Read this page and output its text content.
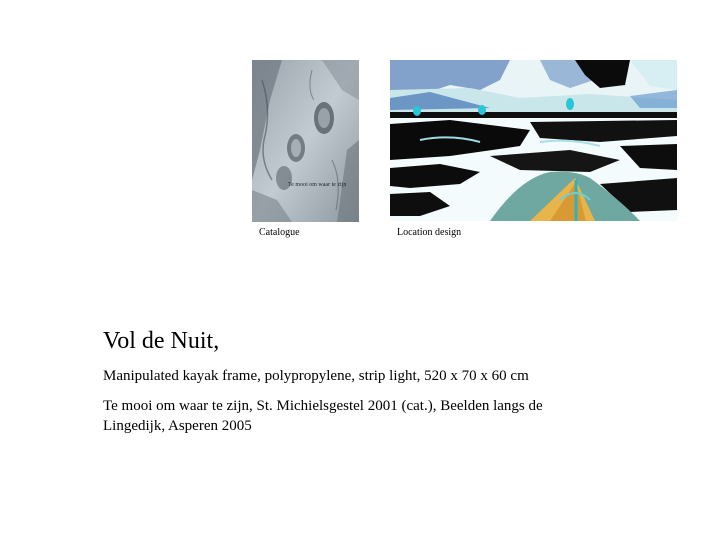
Te mooi om waar te zijn
Catalogue	Location design
Vol de Nuit,
Manipulated kayak frame, polypropylene, strip light, 520 x 70 x 60 cm
Te mooi om waar te zijn, St. Michielsgestel 2001 (cat.), Beelden langs de Lingedijk, Asperen 2005
